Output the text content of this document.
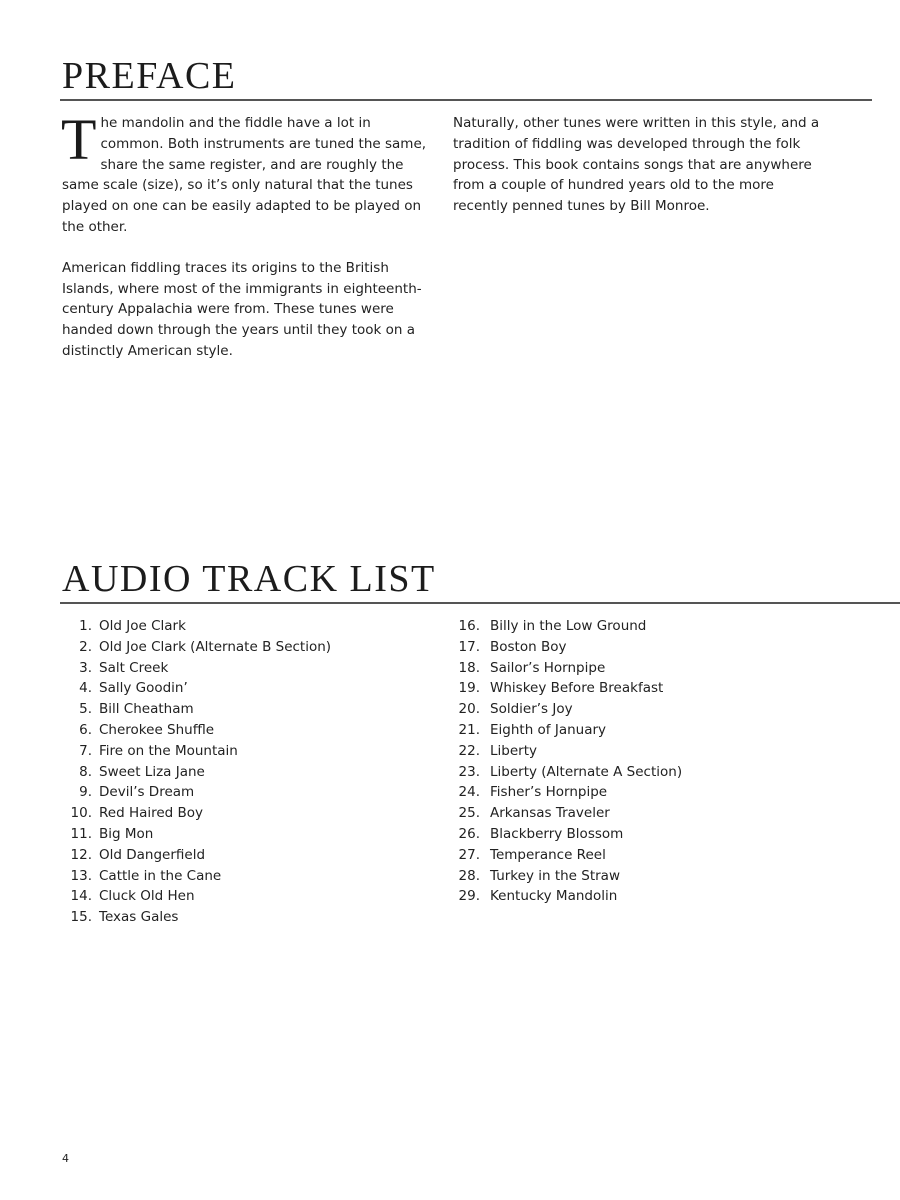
PREFACE

The mandolin and the fiddle have a lot in common. Both instruments are tuned the same, share the same register, and are roughly the same scale (size), so it’s only natural that the tunes played on one can be easily adapted to be played on the other.

American fiddling traces its origins to the British Islands, where most of the immigrants in eighteenth-century Appalachia were from. These tunes were handed down through the years until they took on a distinctly American style.

Naturally, other tunes were written in this style, and a tradition of fiddling was developed through the folk process. This book contains songs that are anywhere from a couple of hundred years old to the more recently penned tunes by Bill Monroe.

AUDIO TRACK LIST
1. Old Joe Clark
2. Old Joe Clark (Alternate B Section)
3. Salt Creek
4. Sally Goodin’
5. Bill Cheatham
6. Cherokee Shuffle
7. Fire on the Mountain
8. Sweet Liza Jane
9. Devil’s Dream
10. Red Haired Boy
11. Big Mon
12. Old Dangerfield
13. Cattle in the Cane
14. Cluck Old Hen
15. Texas Gales
16. Billy in the Low Ground
17. Boston Boy
18. Sailor’s Hornpipe
19. Whiskey Before Breakfast
20. Soldier’s Joy
21. Eighth of January
22. Liberty
23. Liberty (Alternate A Section)
24. Fisher’s Hornpipe
25. Arkansas Traveler
26. Blackberry Blossom
27. Temperance Reel
28. Turkey in the Straw
29. Kentucky Mandolin
4
